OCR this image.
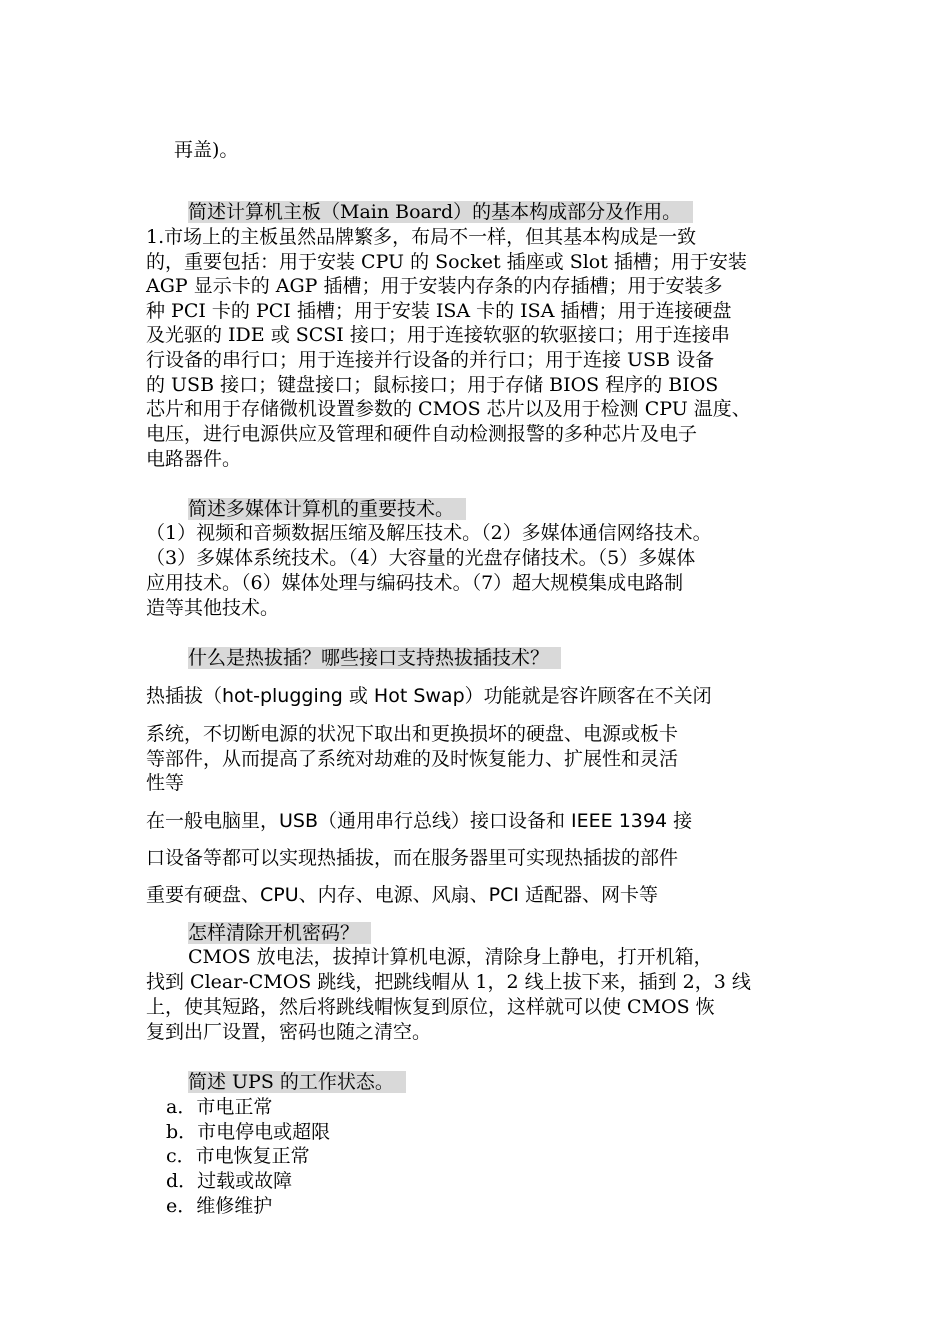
再盖)。
简述计算机主板（Main Board）的基本构成部分及作用。
1.市场上的主板虽然品牌繁多，布局不一样，但其基本构成是一致
的，重要包括：用于安装 CPU 的 Socket 插座或 Slot 插槽；用于安装
AGP 显示卡的 AGP 插槽；用于安装内存条的内存插槽；用于安装多
种 PCI 卡的 PCI 插槽；用于安装 ISA 卡的 ISA 插槽；用于连接硬盘
及光驱的 IDE 或 SCSI 接口；用于连接软驱的软驱接口；用于连接串
行设备的串行口；用于连接并行设备的并行口；用于连接 USB 设备
的 USB 接口；键盘接口；鼠标接口；用于存储 BIOS 程序的 BIOS
芯片和用于存储微机设置参数的 CMOS 芯片以及用于检测 CPU 温度、
电压，进行电源供应及管理和硬件自动检测报警的多种芯片及电子
电路器件。
简述多媒体计算机的重要技术。
（1）视频和音频数据压缩及解压技术。（2）多媒体通信网络技术。
（3）多媒体系统技术。（4）大容量的光盘存储技术。（5）多媒体
应用技术。（6）媒体处理与编码技术。（7）超大规模集成电路制
造等其他技术。
什么是热拔插？哪些接口支持热拔插技术？
热插拔（hot-plugging 或 Hot Swap）功能就是容许顾客在不关闭
系统，不切断电源的状况下取出和更换损坏的硬盘、电源或板卡
等部件，从而提高了系统对劫难的及时恢复能力、扩展性和灵活
性等
在一般电脑里，USB（通用串行总线）接口设备和 IEEE 1394 接
口设备等都可以实现热插拔，而在服务器里可实现热插拔的部件
重要有硬盘、CPU、内存、电源、风扇、PCI 适配器、网卡等
怎样清除开机密码？
CMOS 放电法，拔掉计算机电源，清除身上静电，打开机箱，
找到 Clear-CMOS 跳线，把跳线帽从 1，2 线上拔下来，插到 2，3 线
上，使其短路，然后将跳线帽恢复到原位，这样就可以使 CMOS 恢
复到出厂设置，密码也随之清空。
简述 UPS 的工作状态。
a．市电正常
b．市电停电或超限
c．市电恢复正常
d．过载或故障
e．维修维护
